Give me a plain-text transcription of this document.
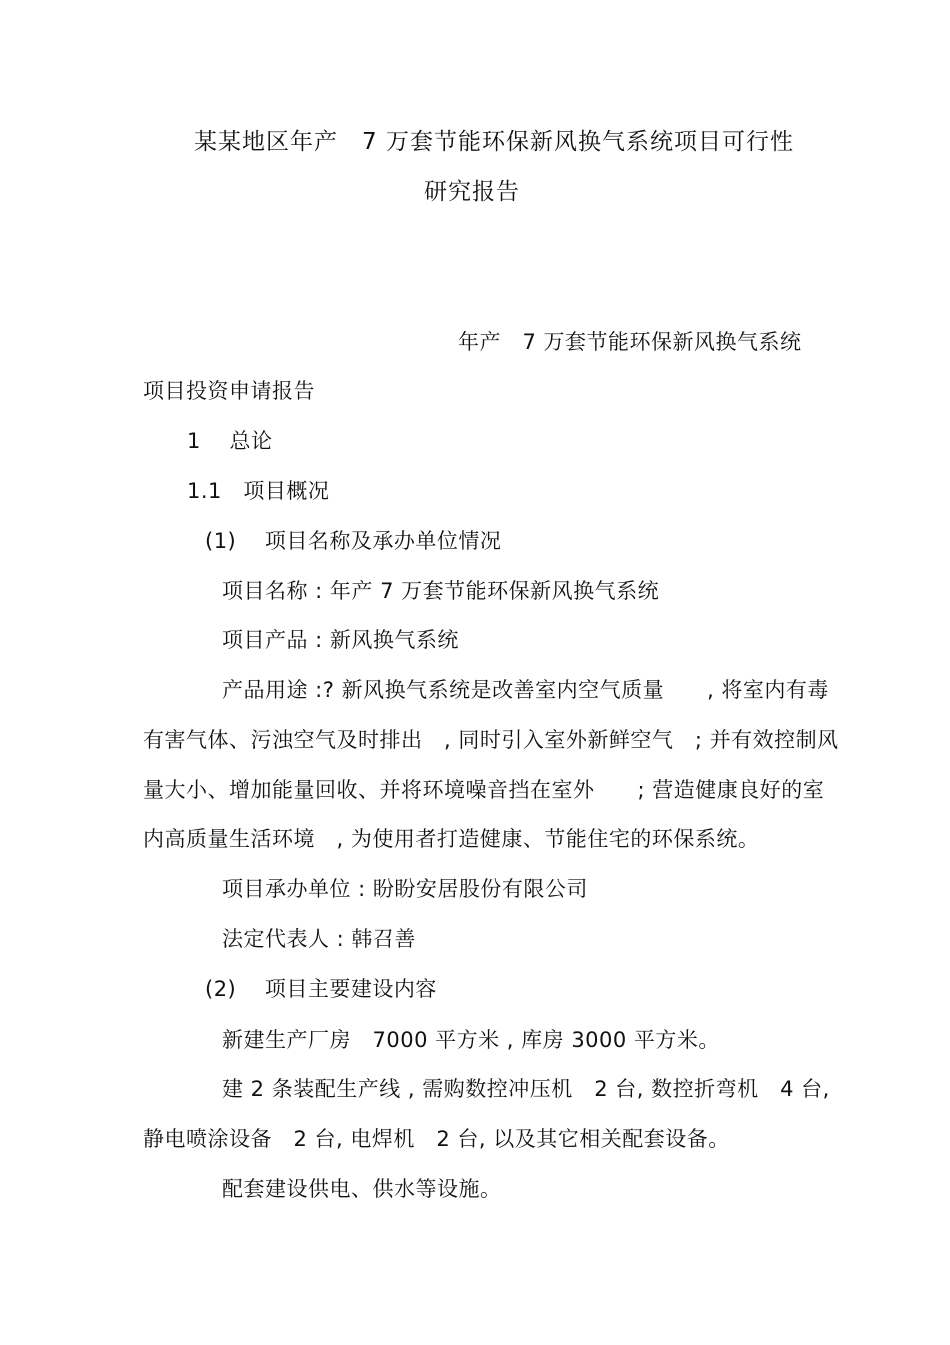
某某地区年产　7 万套节能环保新风换气系统项目可行性
研究报告
年产　7 万套节能环保新风换气系统
项目投资申请报告
1　 总论
1.1　项目概况
(1)　 项目名称及承办单位情况
项目名称 : 年产 7 万套节能环保新风换气系统
项目产品 : 新风换气系统
产品用途 :? 新风换气系统是改善室内空气质量　　, 将室内有毒
有害气体、污浊空气及时排出　, 同时引入室外新鲜空气　; 并有效控制风
量大小、增加能量回收、并将环境噪音挡在室外　　; 营造健康良好的室
内高质量生活环境　, 为使用者打造健康、节能住宅的环保系统。
项目承办单位 : 盼盼安居股份有限公司
法定代表人 : 韩召善
(2)　 项目主要建设内容
新建生产厂房　7000 平方米 , 库房 3000 平方米。
建 2 条装配生产线 , 需购数控冲压机　2 台, 数控折弯机　4 台,
静电喷涂设备　2 台, 电焊机　2 台, 以及其它相关配套设备。
配套建设供电、供水等设施。
